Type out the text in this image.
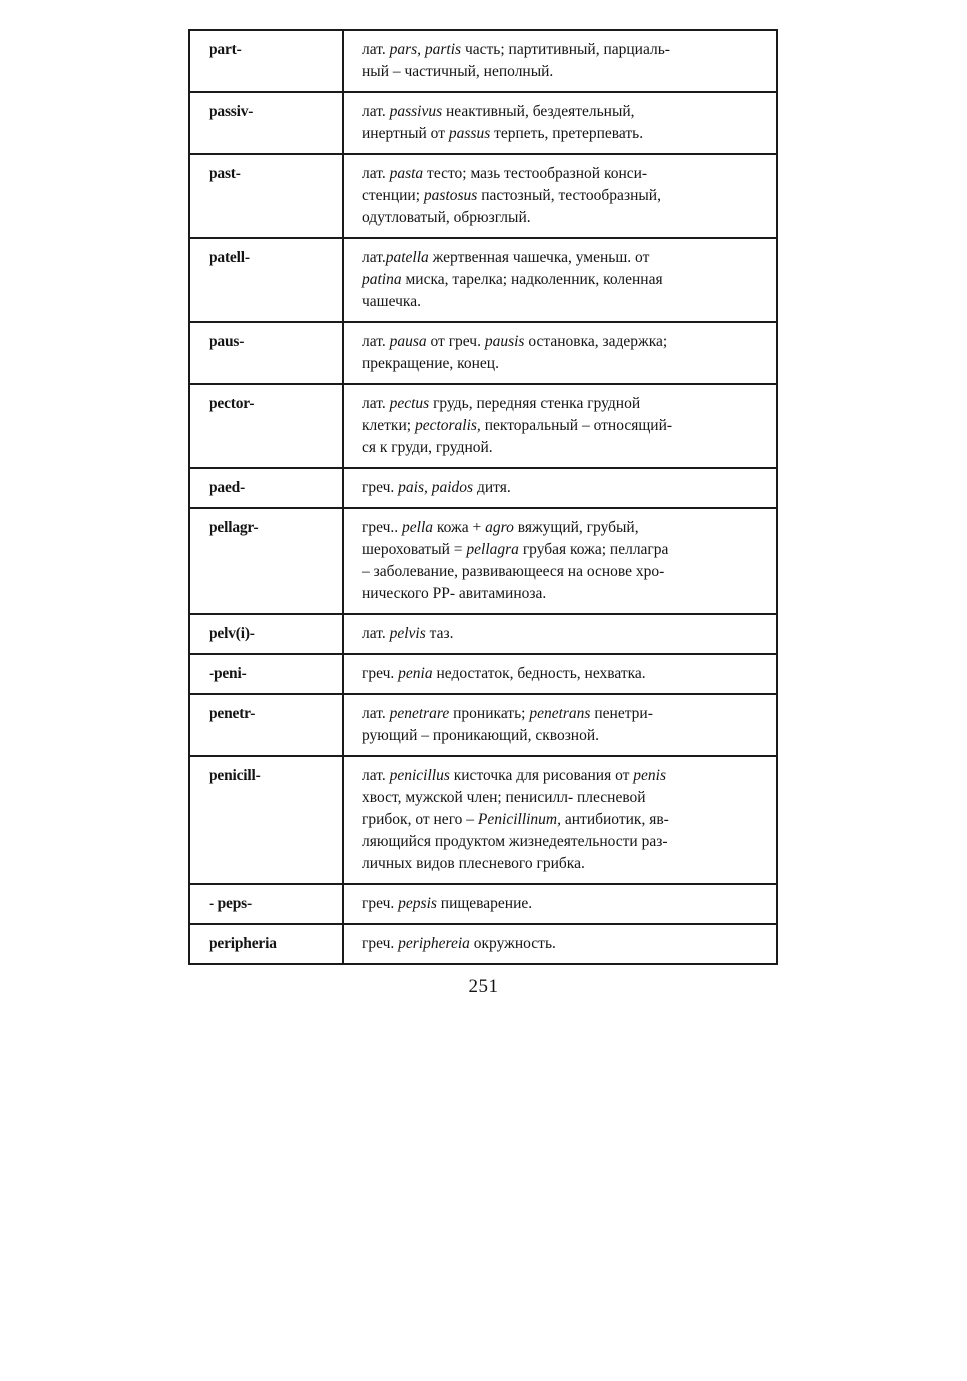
part-	лат. pars, partis часть; партитивный, парциаль-
ный – частичный, неполный.

passiv-	лат. passivus неактивный, бездеятельный,
инертный от passus терпеть, претерпевать.

past-	лат. pasta тесто; мазь тестообразной конси-
стенции; pastosus пастозный, тестообразный,
одутловатый, обрюзглый.

patell-	лат.patella жертвенная чашечка, уменьш. от
patina миска, тарелка; надколенник, коленная
чашечка.

paus-	лат. pausa от греч. pausis остановка, задержка;
прекращение, конец.

pector-	лат. pectus грудь, передняя стенка грудной
клетки; pectoralis, пекторальный – относящий-
ся к груди, грудной.

paed-	греч. pais, paidos дитя.

pellagr-	греч.. pella кожа + agro вяжущий, грубый,
шероховатый = pellagra грубая кожа; пеллагра
– заболевание, развивающееся на основе хро-
нического РР- авитаминоза.

pelv(i)-	лат. pelvis таз.

-peni-	греч. penia недостаток, бедность, нехватка.

penetr-	лат. penetrare проникать; penetrans пенетри-
рующий – проникающий, сквозной.

penicill-	лат. penicillus кисточка для рисования от penis
хвост, мужской член; пенисилл- плесневой
грибок, от него – Penicillinum, антибиотик, яв-
ляющийся продуктом жизнедеятельности раз-
личных видов плесневого грибка.

- peps-	греч. pepsis пищеварение.

peripheria	греч. periphereia окружность.
251
